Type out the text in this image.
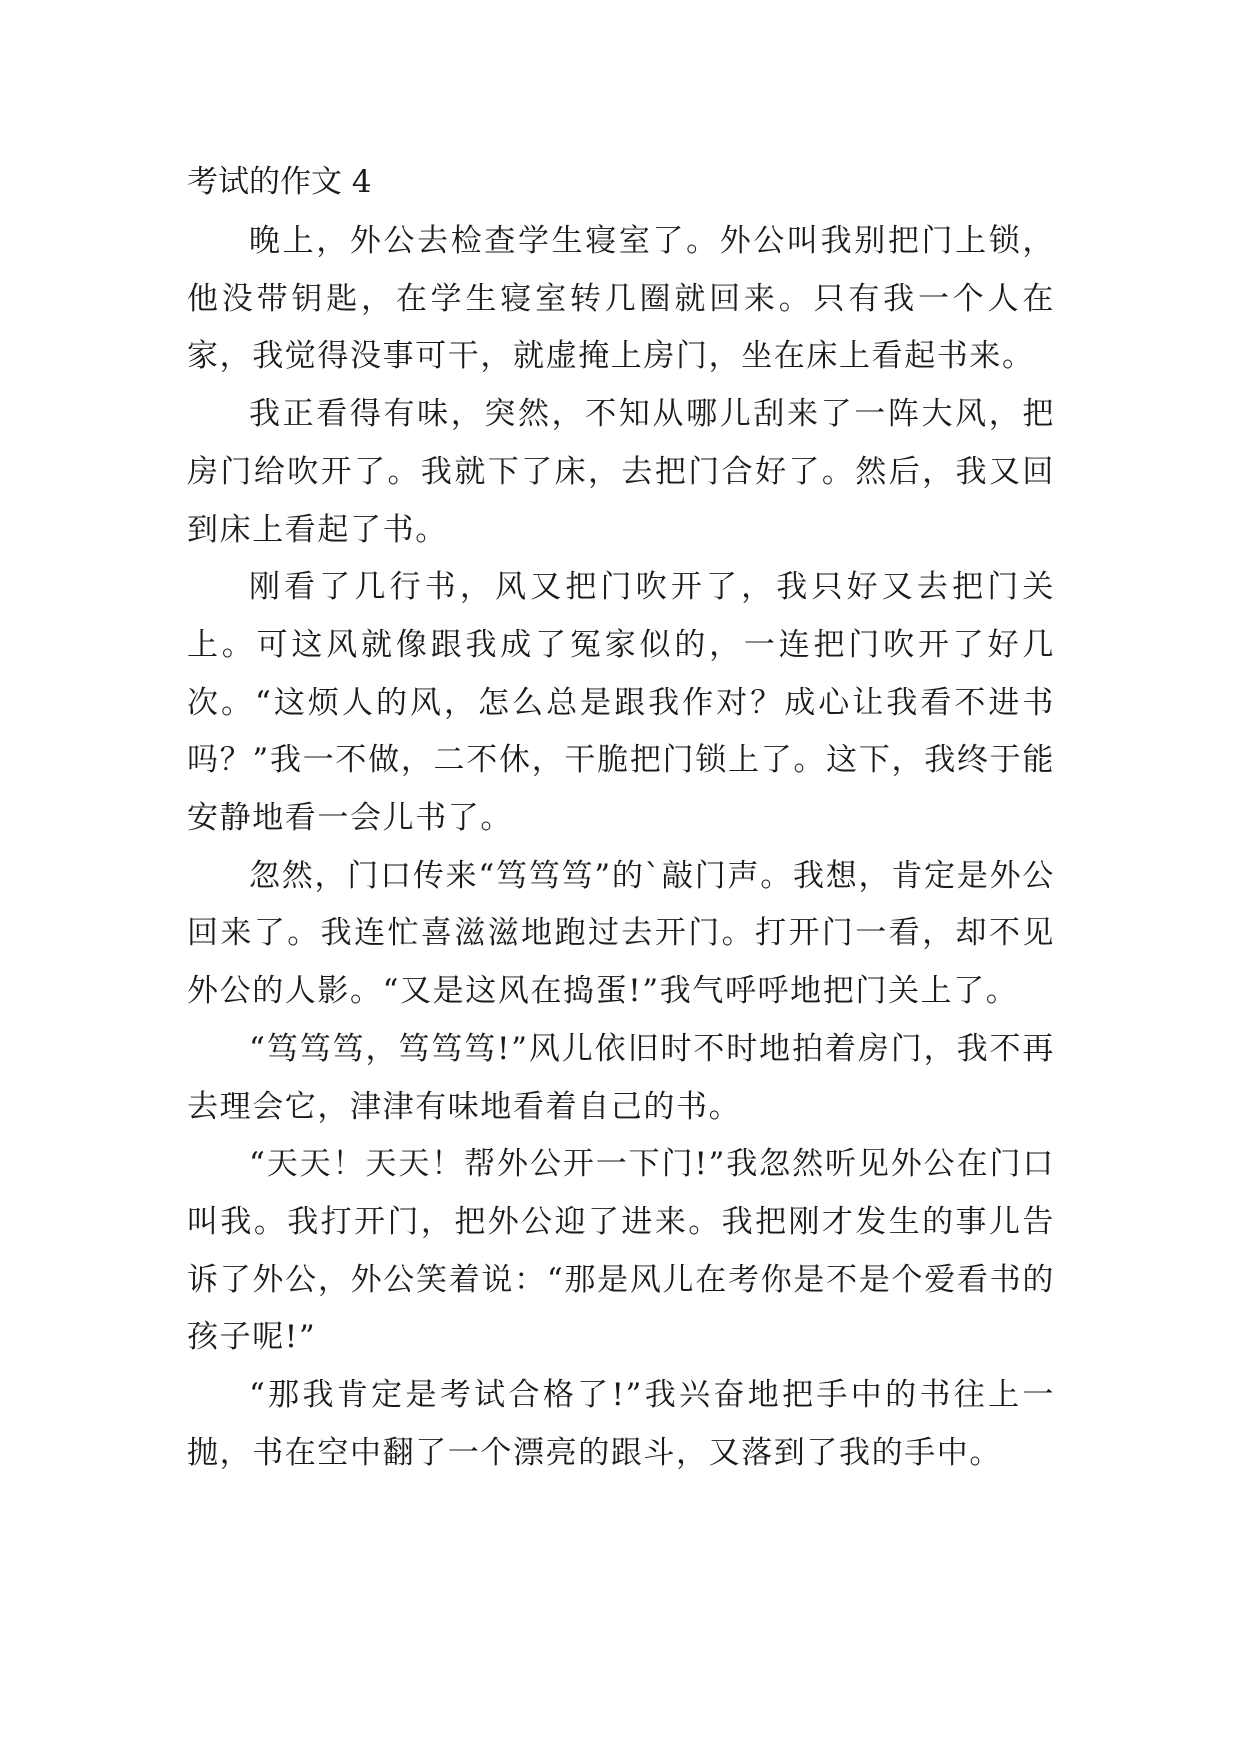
考试的作文 4

晚上，外公去检查学生寝室了。外公叫我别把门上锁，他没带钥匙，在学生寝室转几圈就回来。只有我一个人在家，我觉得没事可干，就虚掩上房门，坐在床上看起书来。

我正看得有味，突然，不知从哪儿刮来了一阵大风，把房门给吹开了。我就下了床，去把门合好了。然后，我又回到床上看起了书。

刚看了几行书，风又把门吹开了，我只好又去把门关上。可这风就像跟我成了冤家似的，一连把门吹开了好几次。“这烦人的风，怎么总是跟我作对？成心让我看不进书吗？”我一不做，二不休，干脆把门锁上了。这下，我终于能安静地看一会儿书了。

忽然，门口传来“笃笃笃”的`敲门声。我想，肯定是外公回来了。我连忙喜滋滋地跑过去开门。打开门一看，却不见外公的人影。“又是这风在捣蛋!”我气呼呼地把门关上了。

“笃笃笃，笃笃笃!”风儿依旧时不时地拍着房门，我不再去理会它，津津有味地看着自己的书。

“天天！天天！帮外公开一下门!”我忽然听见外公在门口叫我。我打开门，把外公迎了进来。我把刚才发生的事儿告诉了外公，外公笑着说：“那是风儿在考你是不是个爱看书的孩子呢!”

“那我肯定是考试合格了!”我兴奋地把手中的书往上一抛，书在空中翻了一个漂亮的跟斗，又落到了我的手中。
